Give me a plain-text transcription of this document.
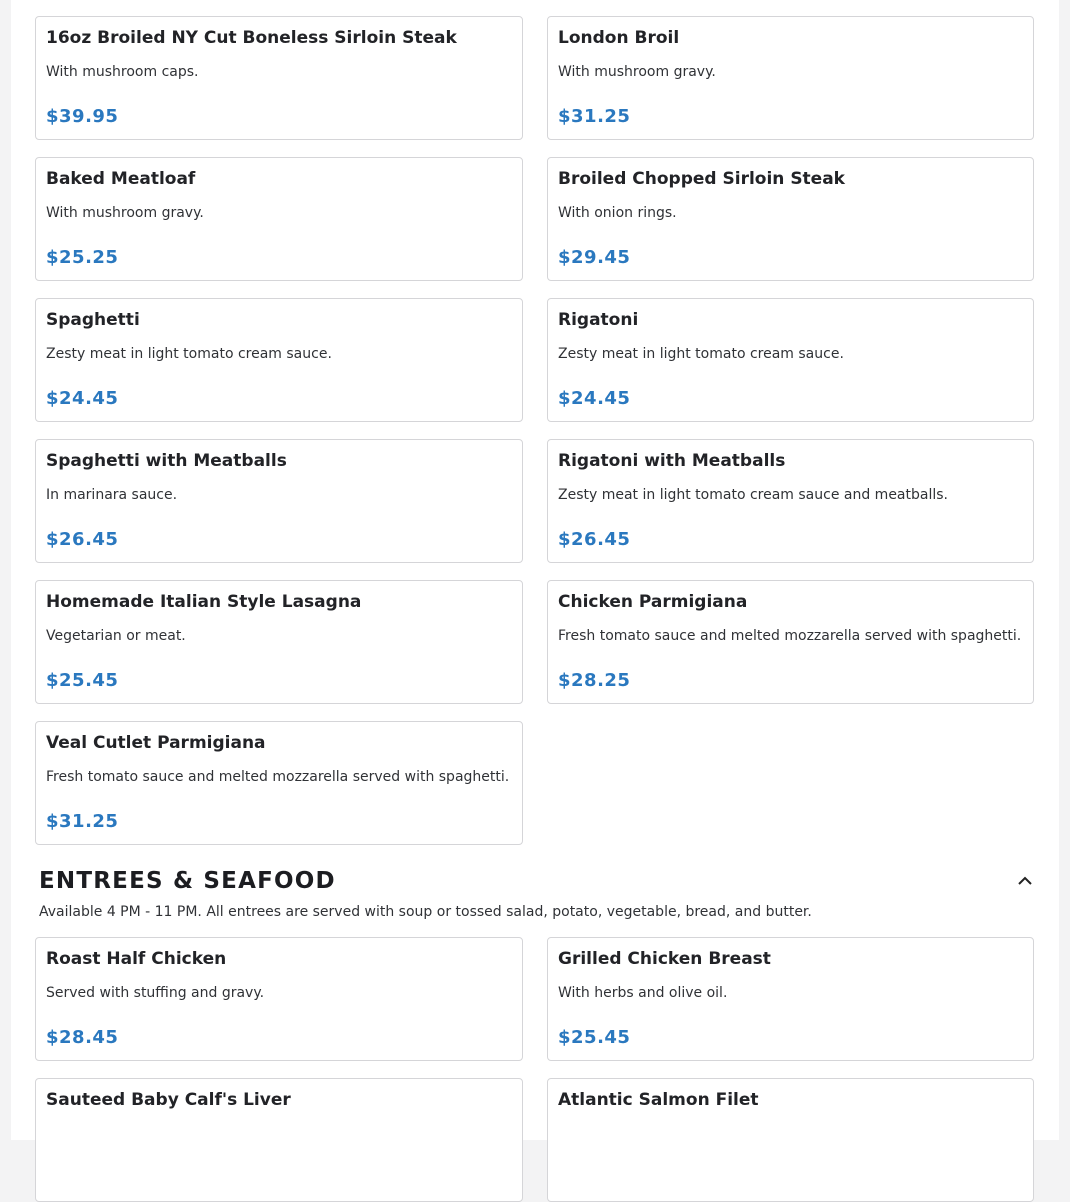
16oz Broiled NY Cut Boneless Sirloin Steak
With mushroom caps.
$39.95
London Broil
With mushroom gravy.
$31.25
Baked Meatloaf
With mushroom gravy.
$25.25
Broiled Chopped Sirloin Steak
With onion rings.
$29.45
Spaghetti
Zesty meat in light tomato cream sauce.
$24.45
Rigatoni
Zesty meat in light tomato cream sauce.
$24.45
Spaghetti with Meatballs
In marinara sauce.
$26.45
Rigatoni with Meatballs
Zesty meat in light tomato cream sauce and meatballs.
$26.45
Homemade Italian Style Lasagna
Vegetarian or meat.
$25.45
Chicken Parmigiana
Fresh tomato sauce and melted mozzarella served with spaghetti.
$28.25
Veal Cutlet Parmigiana
Fresh tomato sauce and melted mozzarella served with spaghetti.
$31.25
ENTREES & SEAFOOD
Available 4 PM - 11 PM. All entrees are served with soup or tossed salad, potato, vegetable, bread, and butter.
Roast Half Chicken
Served with stuffing and gravy.
$28.45
Grilled Chicken Breast
With herbs and olive oil.
$25.45
Sauteed Baby Calf's Liver	Atlantic Salmon Filet
